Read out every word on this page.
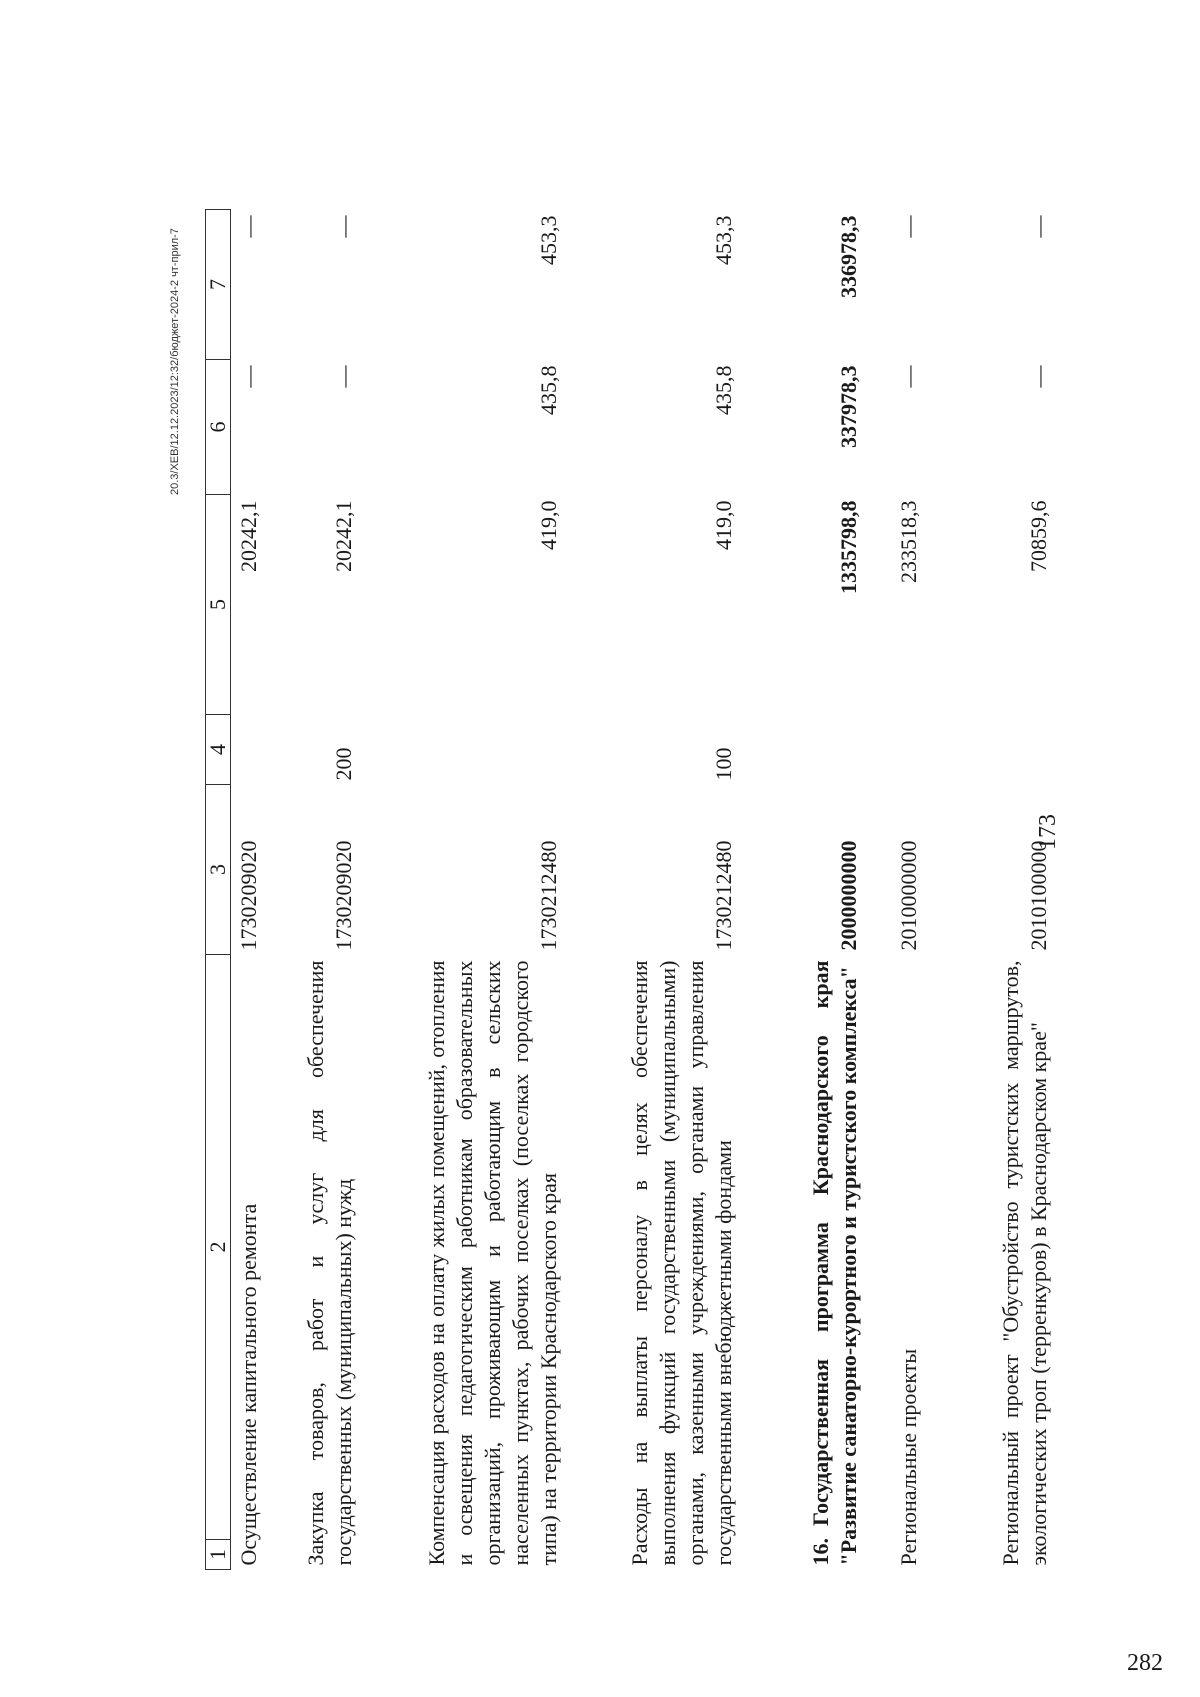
282
173
20.3/XEB/12.12.2023/12:32/бюджет-2024-2 чт-прил-7
1	2	3	4	5	6	7
Осуществление капитального ремонта		1730209020		20242,1	—	—
Закупка товаров, работ и услуг для обеспечения государственных (муниципальных) нужд		1730209020	200	20242,1	—	—
Компенсация расходов на оплату жилых помещений, отопления и освещения педагогическим работникам образовательных организаций, проживающим и работающим в сельских населенных пунктах, рабочих поселках (поселках городского типа) на территории Краснодарского края		1730212480		419,0	435,8	453,3
Расходы на выплаты персоналу в целях обеспечения выполнения функций государственными (муниципальными) органами, казенными учреждениями, органами управления государственными внебюджетными фондами		1730212480	100	419,0	435,8	453,3
16.Государственная программа Краснодарского края "Развитие санаторно-курортного и туристского комплекса"		2000000000		1335798,8	337978,3	336978,3
Региональные проекты		2010000000		233518,3	—	—
Региональный проект "Обустройство туристских маршрутов, экологических троп (терренкуров) в Краснодарском крае"		2010100000		70859,6	—	—
